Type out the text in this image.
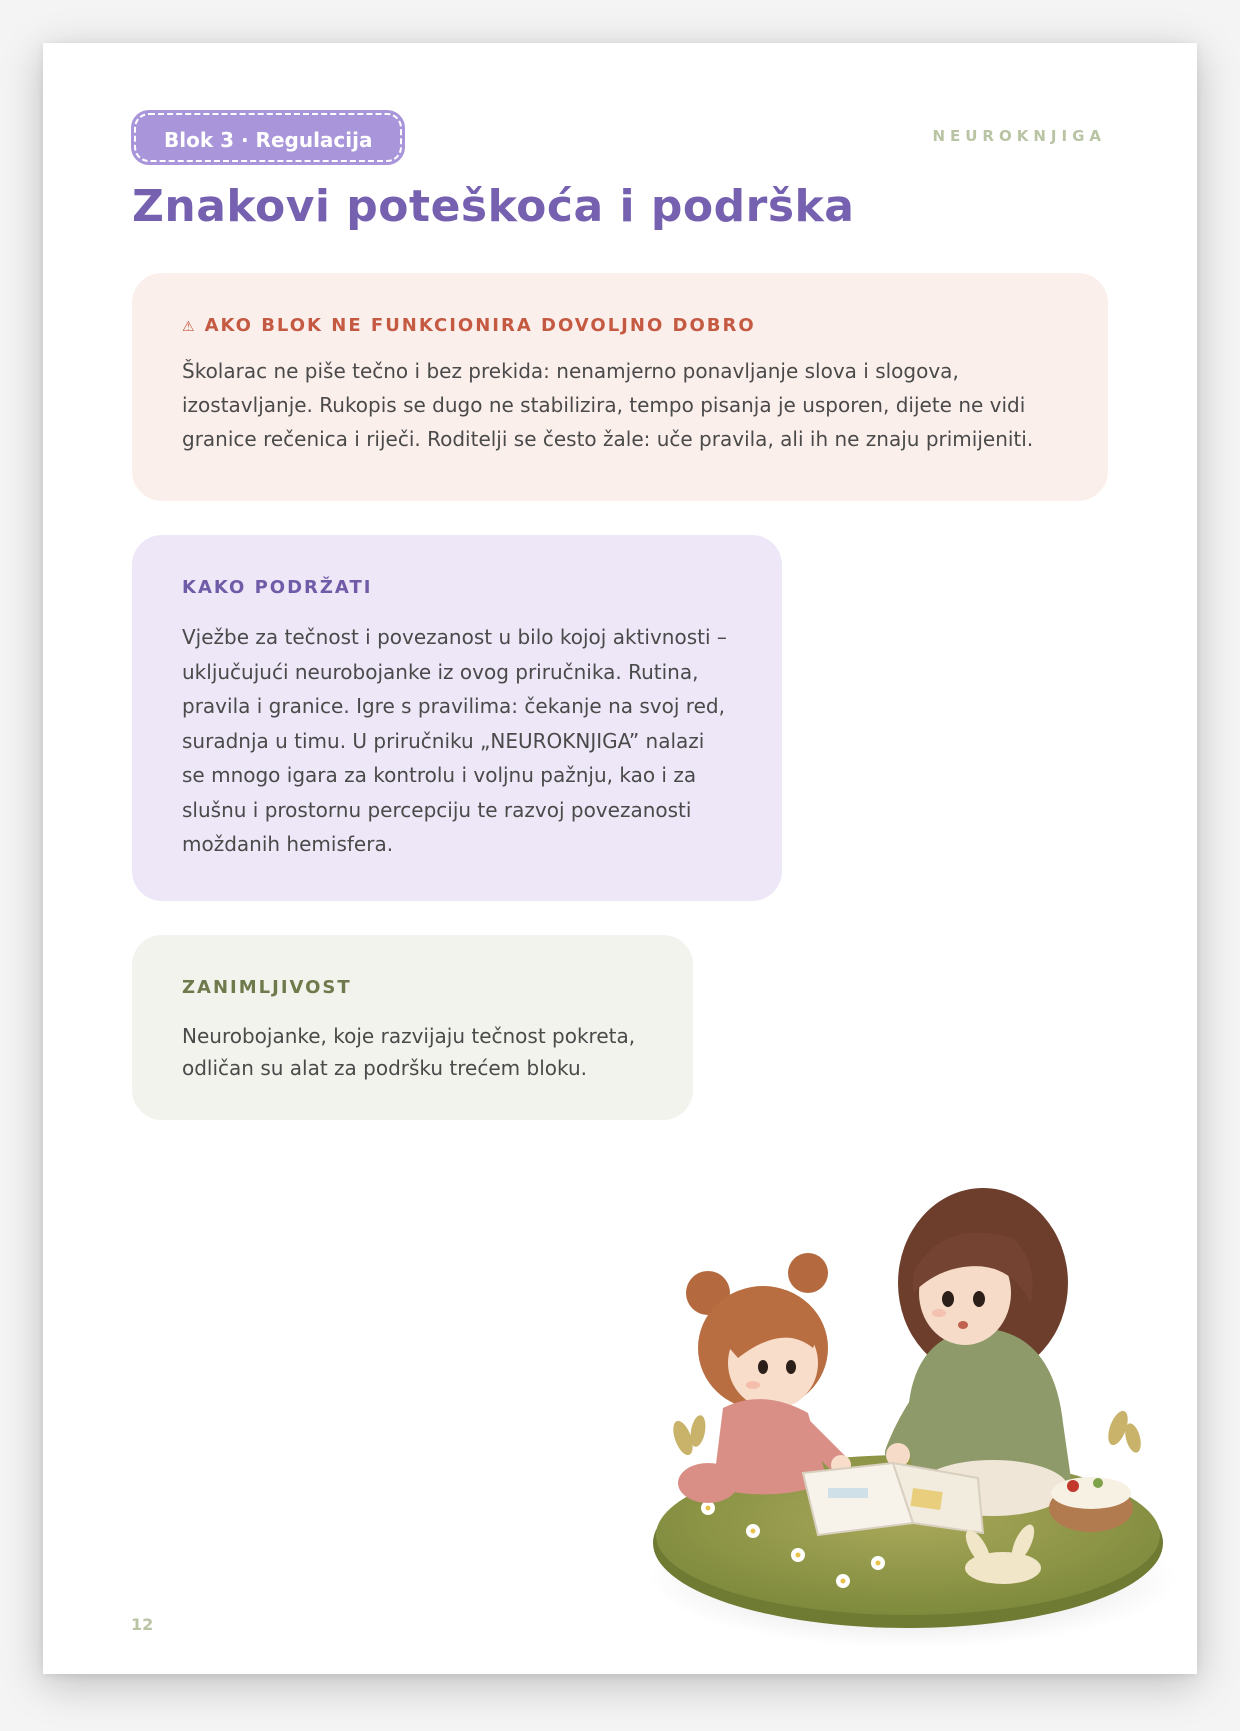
Blok 3 · Regulacija	NEUROKNJIGA
Znakovi poteškoća i podrška
⚠ AKO BLOK NE FUNKCIONIRA DOVOLJNO DOBRO

Školarac ne piše tečno i bez prekida: nenamjerno ponavljanje slova i slogova,
izostavljanje. Rukopis se dugo ne stabilizira, tempo pisanja je usporen, dijete ne vidi
granice rečenica i riječi. Roditelji se često žale: uče pravila, ali ih ne znaju primijeniti.

KAKO PODRŽATI

Vježbe za tečnost i povezanost u bilo kojoj aktivnosti –
uključujući neurobojanke iz ovog priručnika. Rutina,
pravila i granice. Igre s pravilima: čekanje na svoj red,
suradnja u timu. U priručniku „NEUROKNJIGA” nalazi
se mnogo igara za kontrolu i voljnu pažnju, kao i za
slušnu i prostornu percepciju te razvoj povezanosti
moždanih hemisfera.

ZANIMLJIVOST

Neurobojanke, koje razvijaju tečnost pokreta,
odličan su alat za podršku trećem bloku.

12
